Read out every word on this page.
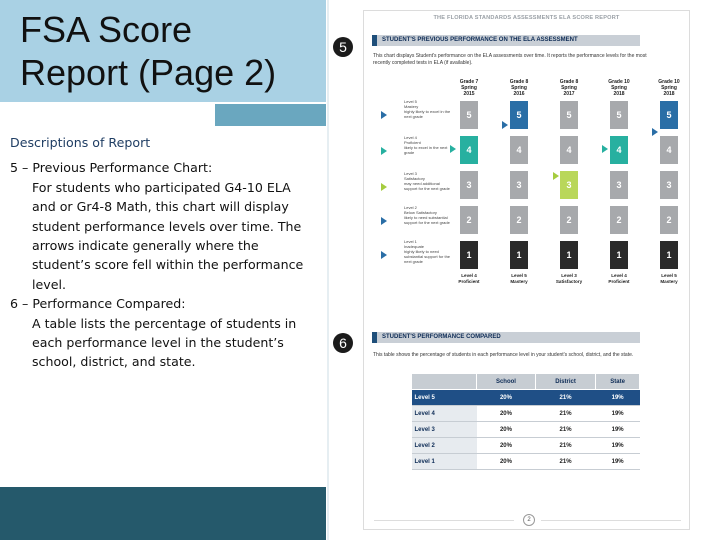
FSA Score
Report (Page 2)
Descriptions of Report
5 – Previous Performance Chart:
For students who participated G4-10 ELA and or Gr4-8 Math, this chart will display student performance levels over time. The arrows indicate generally where the student’s score fell within the performance level.
6 – Performance Compared:
A table lists the percentage of students in each performance level in the student’s school, district, and state.
5
6
THE FLORIDA STANDARDS ASSESSMENTS ELA SCORE REPORT
STUDENT'S PREVIOUS PERFORMANCE ON THE ELA ASSESSMENT
This chart displays Student's performance on the ELA assessments over time. It reports the performance levels for the most
recently completed tests in ELA (if available).
Grade 7
Spring 2015
Grade 8
Spring 2016
Grade 8
Spring 2017
Grade 10
Spring 2018
Grade 10
Spring 2018
Level 5
Mastery
highly likely to excel in the next grade
Level 4
Proficient
likely to excel in the next grade
Level 3
Satisfactory
may need additional support for the next grade
Level 2
Below Satisfactory
likely to need substantial support for the next grade
Level 1
Inadequate
highly likely to need substantial support for the next grade
5	5	5	5	5
4	4	4	4	4
3	3	3	3	3
2	2	2	2	2
1	1	1	1	1
Level 4
Proficient
Level 5
Mastery
Level 3
Satisfactory
Level 4
Proficient
Level 5
Mastery
STUDENT'S PERFORMANCE COMPARED
This table shows the percentage of students in each performance level in your student's school, district, and the state.
	School	District	State
Level 5	20%	21%	19%
Level 4	20%	21%	19%
Level 3	20%	21%	19%
Level 2	20%	21%	19%
Level 1	20%	21%	19%
2
